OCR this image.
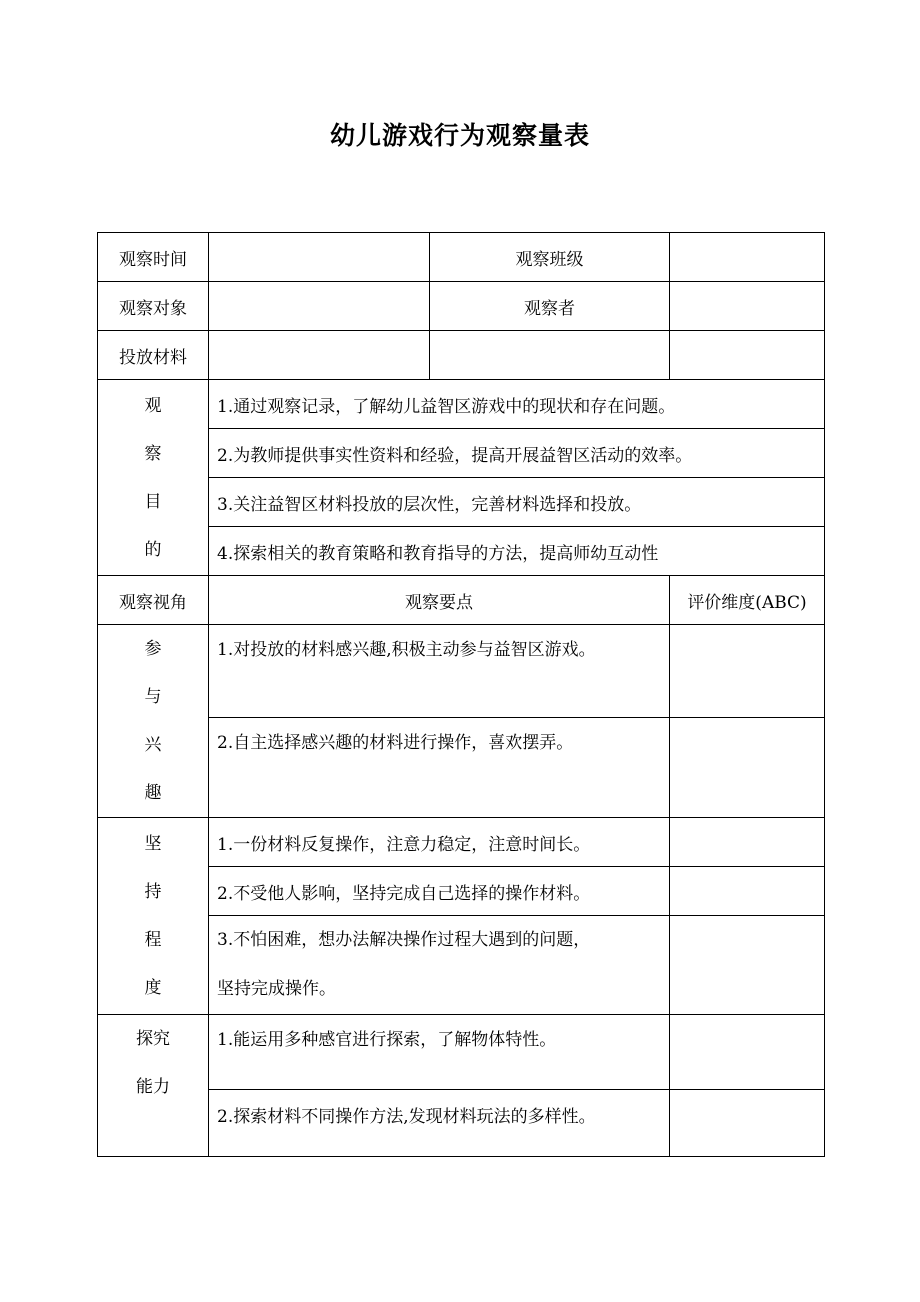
幼儿游戏行为观察量表
观察时间		观察班级	
观察对象		观察者	
投放材料			

观
察
目
的	1.通过观察记录，了解幼儿益智区游戏中的现状和存在问题。		
	2.为教师提供事实性资料和经验，提高开展益智区活动的效率。		
	3.关注益智区材料投放的层次性，完善材料选择和投放。		
	4.探索相关的教育策略和教育指导的方法，提高师幼互动性		
观察视角	观察要点		评价维度(ABC)

参
与
兴
趣	1.对投放的材料感兴趣,积极主动参与益智区游戏。		
	2.自主选择感兴趣的材料进行操作，喜欢摆弄。		

坚
持
程
度	1.一份材料反复操作，注意力稳定，注意时间长。		
	2.不受他人影响，坚持完成自己选择的操作材料。		

	3.不怕困难，想办法解决操作过程大遇到的问题，
坚持完成操作。		

探究
能力	1.能运用多种感官进行探索，了解物体特性。		
	2.探索材料不同操作方法,发现材料玩法的多样性。		
